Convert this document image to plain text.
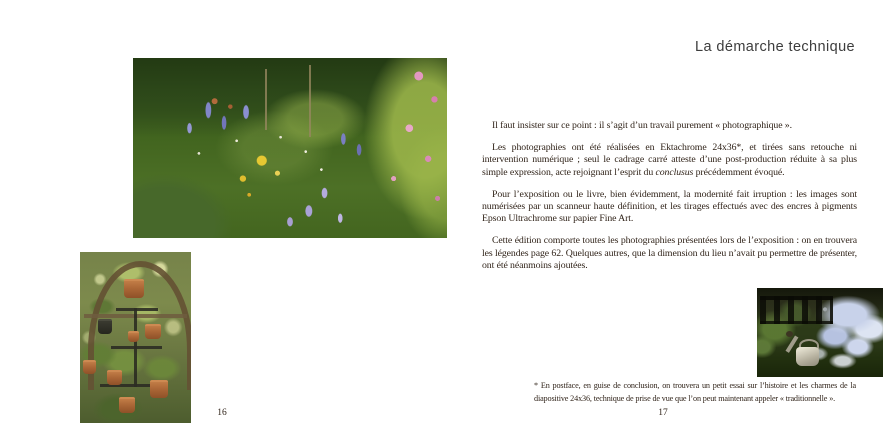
16
La démarche technique

Il faut insister sur ce point : il s’agit d’un travail purement « photographique ».

Les photographies ont été réalisées en Ektachrome 24x36*, et tirées sans retouche ni intervention numérique ; seul le cadrage carré atteste d’une post-production réduite à sa plus simple expression, acte rejoignant l’esprit du conclusus précédemment évoqué.

Pour l’exposition ou le livre, bien évidemment, la modernité fait irruption : les images sont numérisées par un scanneur haute définition, et les tirages effectués avec des encres à pigments Epson Ultrachrome sur papier Fine Art.

Cette édition comporte toutes les photographies présentées lors de l’exposition : on en trouvera les légendes page 62. Quelques autres, que la dimension du lieu n’avait pu permettre de présenter, ont été néanmoins ajoutées.

* En postface, en guise de conclusion, on trouvera un petit essai sur l’histoire et les charmes de la diapositive 24x36, technique de prise de vue que l’on peut maintenant appeler « traditionnelle ».
17
